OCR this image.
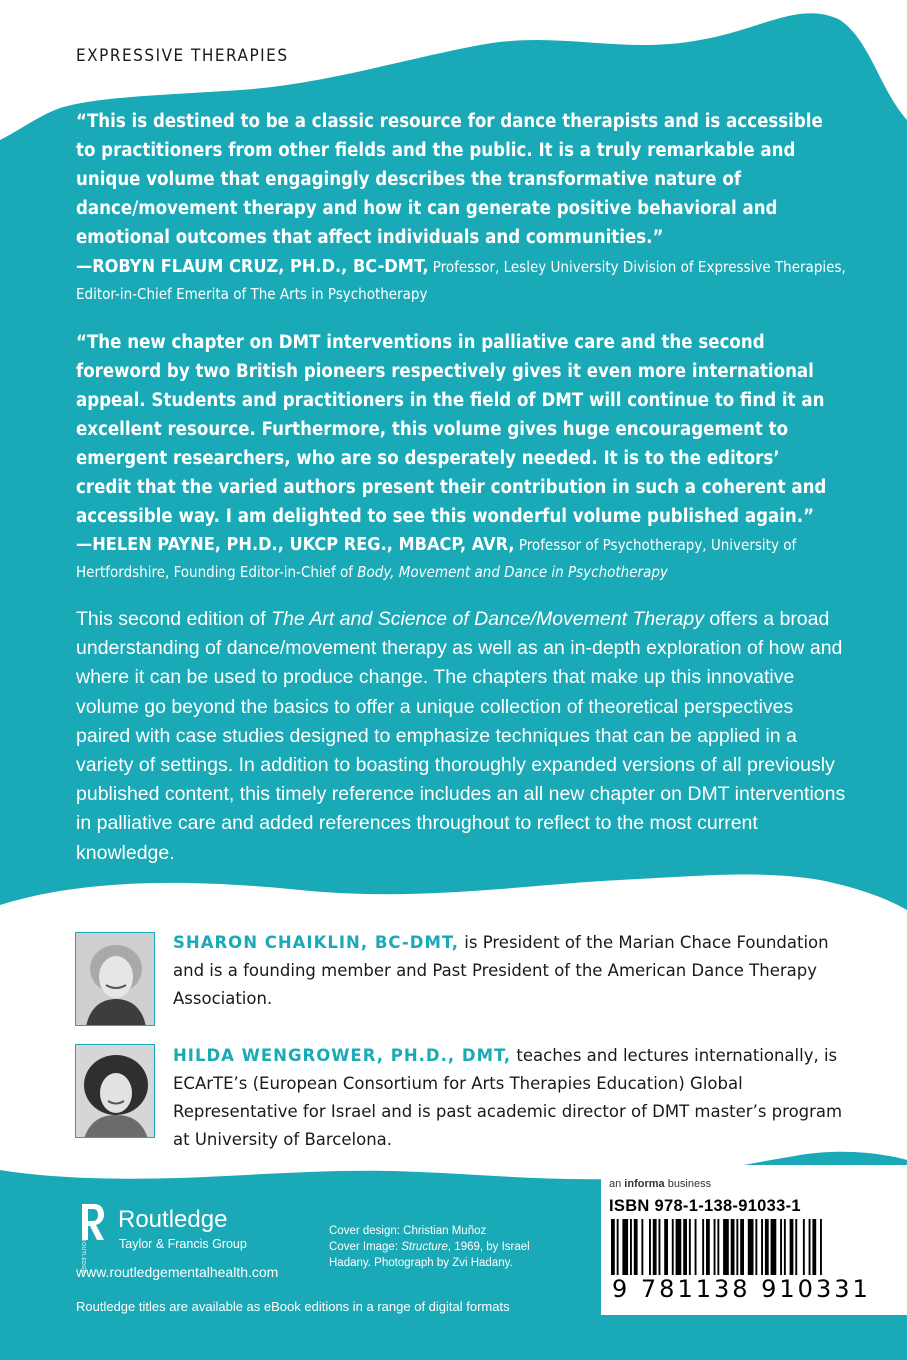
EXPRESSIVE THERAPIES
“This is destined to be a classic resource for dance therapists and is accessible to practitioners from other fields and the public. It is a truly remarkable and unique volume that engagingly describes the transformative nature of dance/movement therapy and how it can generate positive behavioral and emotional outcomes that affect individuals and communities.”
—ROBYN FLAUM CRUZ, PH.D., BC-DMT, Professor, Lesley University Division of Expressive Therapies, Editor-in-Chief Emerita of The Arts in Psychotherapy
“The new chapter on DMT interventions in palliative care and the second foreword by two British pioneers respectively gives it even more international appeal. Students and practitioners in the field of DMT will continue to find it an excellent resource. Furthermore, this volume gives huge encouragement to emergent researchers, who are so desperately needed. It is to the editors’ credit that the varied authors present their contribution in such a coherent and accessible way. I am delighted to see this wonderful volume published again.”
—HELEN PAYNE, PH.D., UKCP REG., MBACP, AVR, Professor of Psychotherapy, University of Hertfordshire, Founding Editor-in-Chief of Body, Movement and Dance in Psychotherapy
This second edition of The Art and Science of Dance/Movement Therapy offers a broad understanding of dance/movement therapy as well as an in-depth exploration of how and where it can be used to produce change. The chapters that make up this innovative volume go beyond the basics to offer a unique collection of theoretical perspectives paired with case studies designed to emphasize techniques that can be applied in a variety of settings. In addition to boasting thoroughly expanded versions of all previously published content, this timely reference includes an all new chapter on DMT interventions in palliative care and added references throughout to reflect to the most current knowledge.
SHARON CHAIKLIN, BC-DMT, is President of the Marian Chace Foundation and is a founding member and Past President of the American Dance Therapy Association.
HILDA WENGROWER, PH.D., DMT, teaches and lectures internationally, is ECArTE’s (European Consortium for Arts Therapies Education) Global Representative for Israel and is past academic director of DMT master’s program at University of Barcelona.
ROUTLEDGE
Routledge
Taylor & Francis Group
www.routledgementalhealth.com
Routledge titles are available as eBook editions in a range of digital formats
Cover design: Christian Muñoz
Cover Image: Structure, 1969, by Israel Hadany. Photograph by Zvi Hadany.
an informa business
ISBN 978-1-138-91033-1
9 781138 910331
